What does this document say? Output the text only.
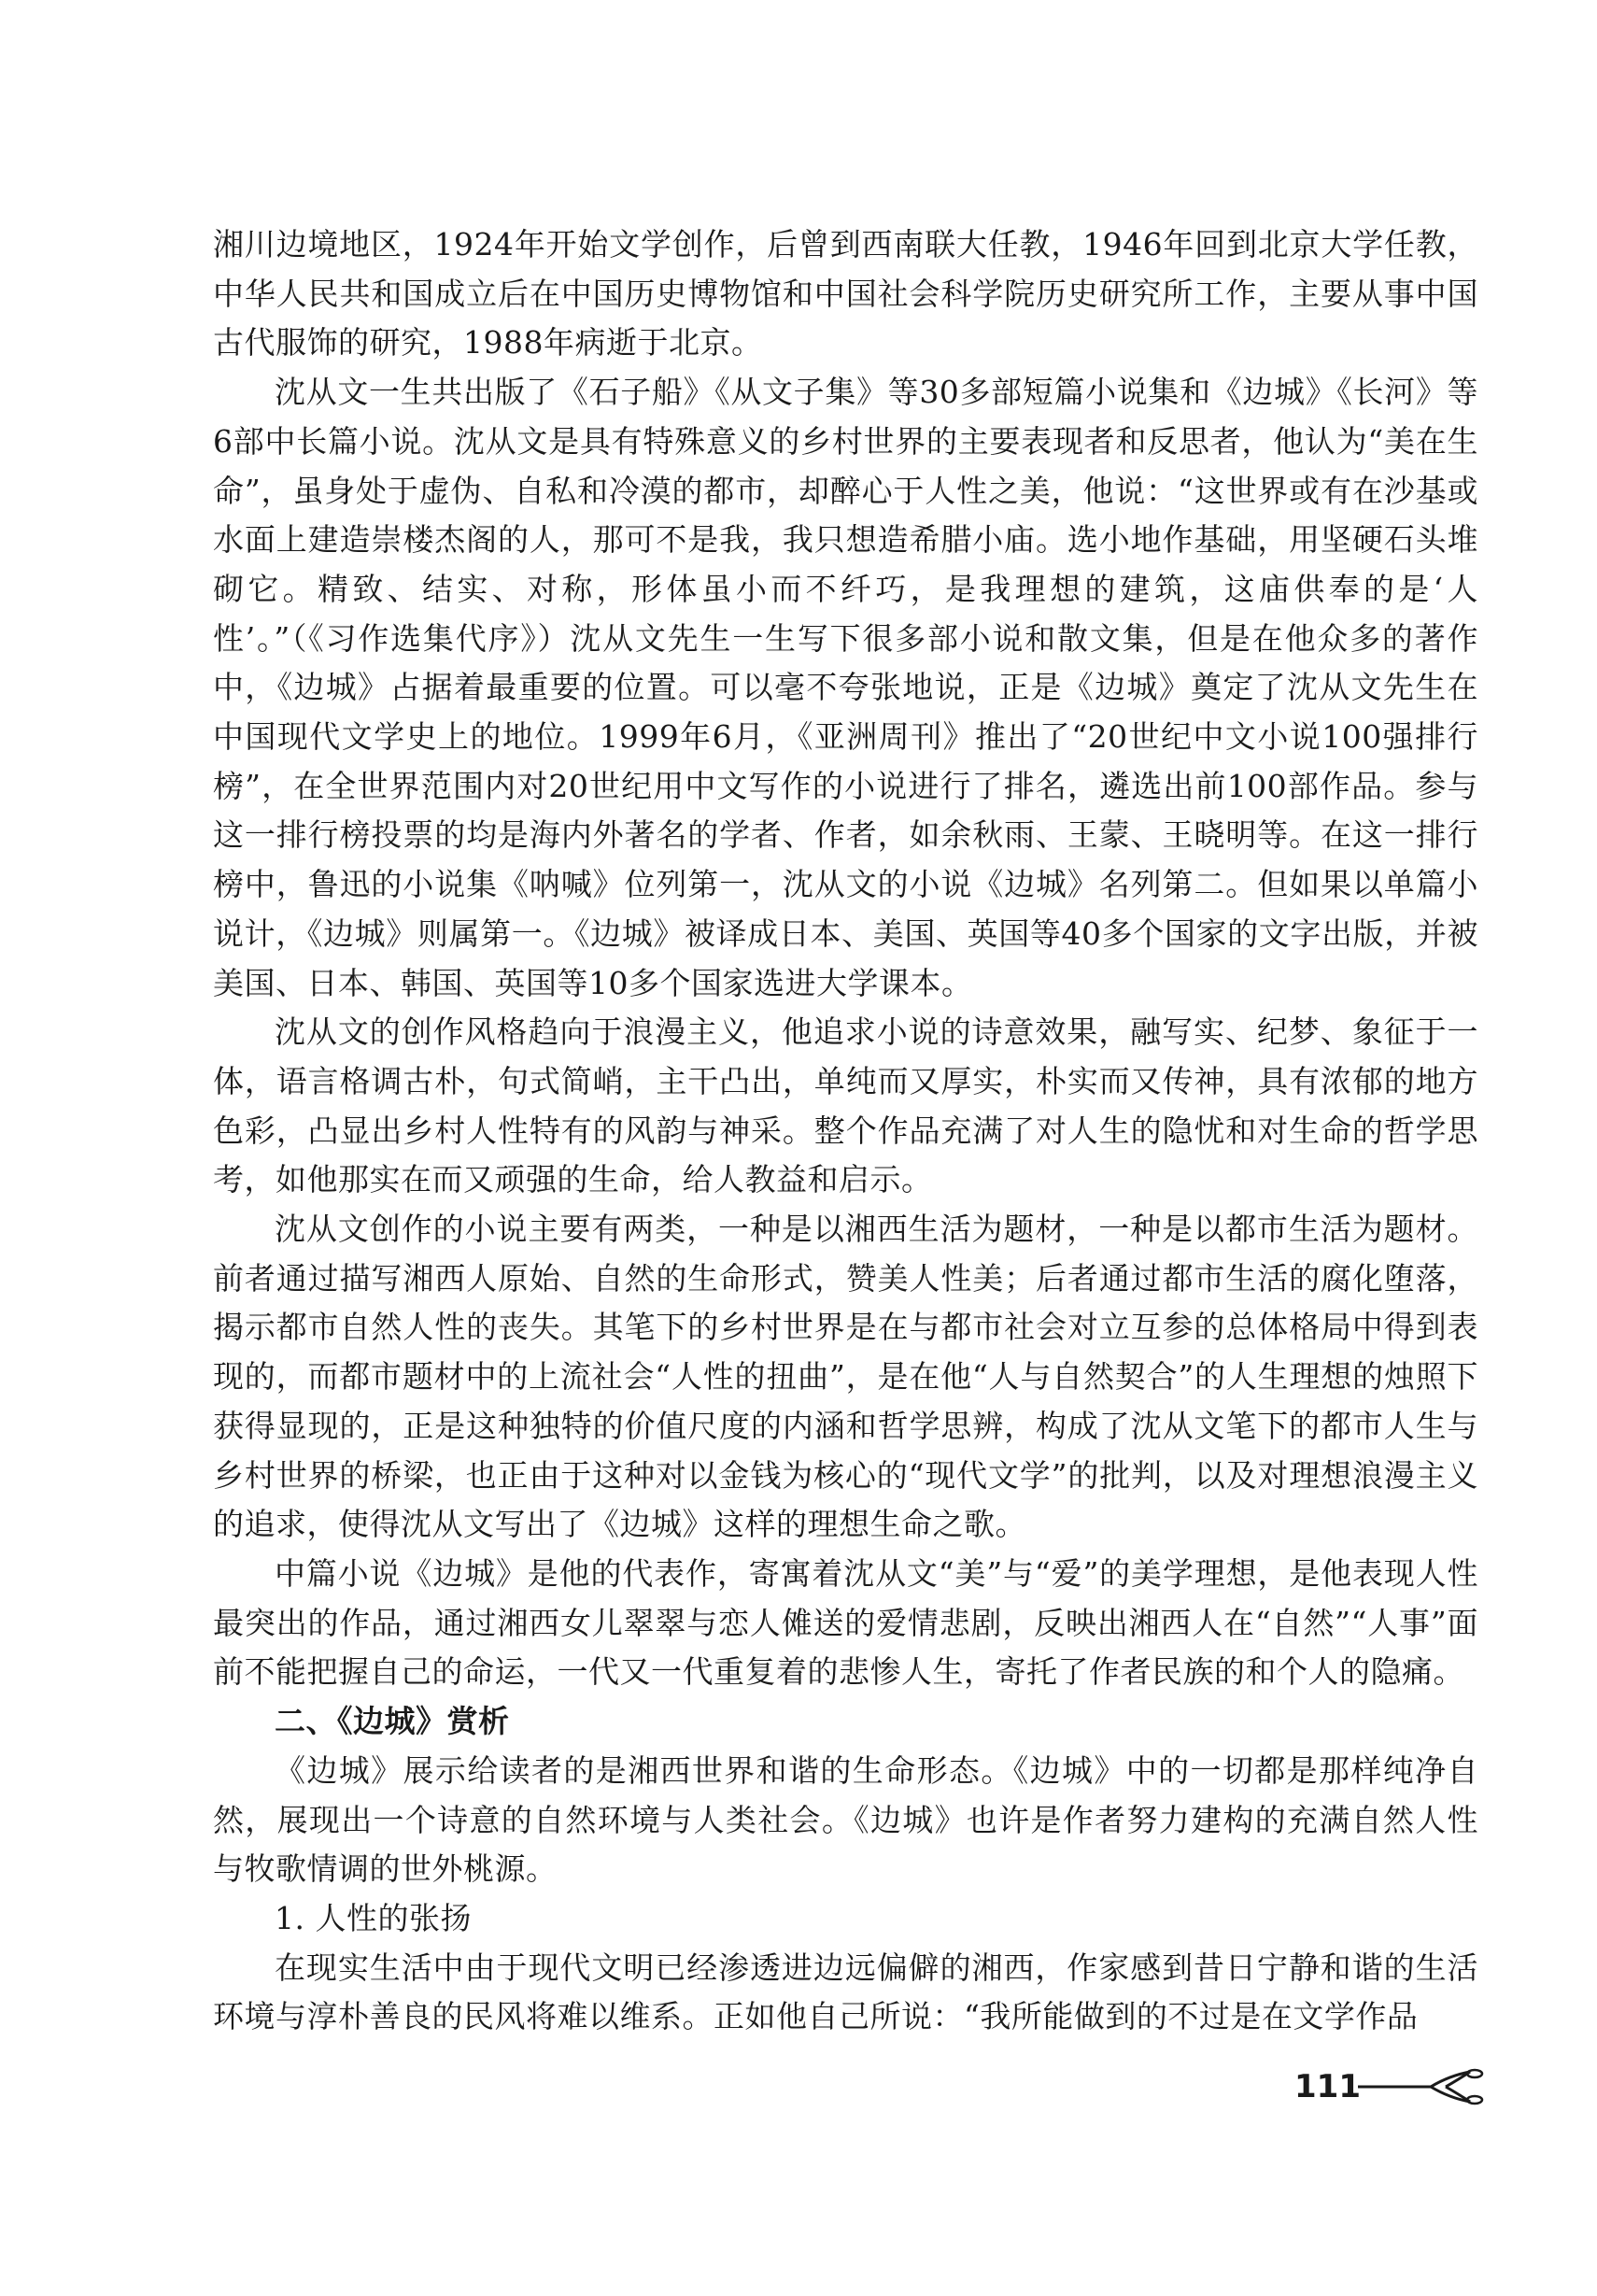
湘川边境地区，1924年开始文学创作，后曾到西南联大任教，1946年回到北京大学任教，中华人民共和国成立后在中国历史博物馆和中国社会科学院历史研究所工作，主要从事中国古代服饰的研究，1988年病逝于北京。

沈从文一生共出版了《石子船》《从文子集》等30多部短篇小说集和《边城》《长河》等6部中长篇小说。沈从文是具有特殊意义的乡村世界的主要表现者和反思者，他认为“美在生命”，虽身处于虚伪、自私和冷漠的都市，却醉心于人性之美，他说：“这世界或有在沙基或水面上建造崇楼杰阁的人，那可不是我，我只想造希腊小庙。选小地作基础，用坚硬石头堆砌它。精致、结实、对称，形体虽小而不纤巧，是我理想的建筑，这庙供奉的是‘人性’。”（《习作选集代序》）沈从文先生一生写下很多部小说和散文集，但是在他众多的著作中，《边城》占据着最重要的位置。可以毫不夸张地说，正是《边城》奠定了沈从文先生在中国现代文学史上的地位。1999年6月，《亚洲周刊》推出了“20世纪中文小说100强排行榜”，在全世界范围内对20世纪用中文写作的小说进行了排名，遴选出前100部作品。参与这一排行榜投票的均是海内外著名的学者、作者，如余秋雨、王蒙、王晓明等。在这一排行榜中，鲁迅的小说集《呐喊》位列第一，沈从文的小说《边城》名列第二。但如果以单篇小说计，《边城》则属第一。《边城》被译成日本、美国、英国等40多个国家的文字出版，并被美国、日本、韩国、英国等10多个国家选进大学课本。

沈从文的创作风格趋向于浪漫主义，他追求小说的诗意效果，融写实、纪梦、象征于一体，语言格调古朴，句式简峭，主干凸出，单纯而又厚实，朴实而又传神，具有浓郁的地方色彩，凸显出乡村人性特有的风韵与神采。整个作品充满了对人生的隐忧和对生命的哲学思考，如他那实在而又顽强的生命，给人教益和启示。

沈从文创作的小说主要有两类，一种是以湘西生活为题材，一种是以都市生活为题材。前者通过描写湘西人原始、自然的生命形式，赞美人性美；后者通过都市生活的腐化堕落，揭示都市自然人性的丧失。其笔下的乡村世界是在与都市社会对立互参的总体格局中得到表现的，而都市题材中的上流社会“人性的扭曲”，是在他“人与自然契合”的人生理想的烛照下获得显现的，正是这种独特的价值尺度的内涵和哲学思辨，构成了沈从文笔下的都市人生与乡村世界的桥梁，也正由于这种对以金钱为核心的“现代文学”的批判，以及对理想浪漫主义的追求，使得沈从文写出了《边城》这样的理想生命之歌。

中篇小说《边城》是他的代表作，寄寓着沈从文“美”与“爱”的美学理想，是他表现人性最突出的作品，通过湘西女儿翠翠与恋人傩送的爱情悲剧，反映出湘西人在“自然”“人事”面前不能把握自己的命运，一代又一代重复着的悲惨人生，寄托了作者民族的和个人的隐痛。

二、《边城》赏析

《边城》展示给读者的是湘西世界和谐的生命形态。《边城》中的一切都是那样纯净自然，展现出一个诗意的自然环境与人类社会。《边城》也许是作者努力建构的充满自然人性与牧歌情调的世外桃源。

1. 人性的张扬

在现实生活中由于现代文明已经渗透进边远偏僻的湘西，作家感到昔日宁静和谐的生活环境与淳朴善良的民风将难以维系。正如他自己所说：“我所能做到的不过是在文学作品

111
